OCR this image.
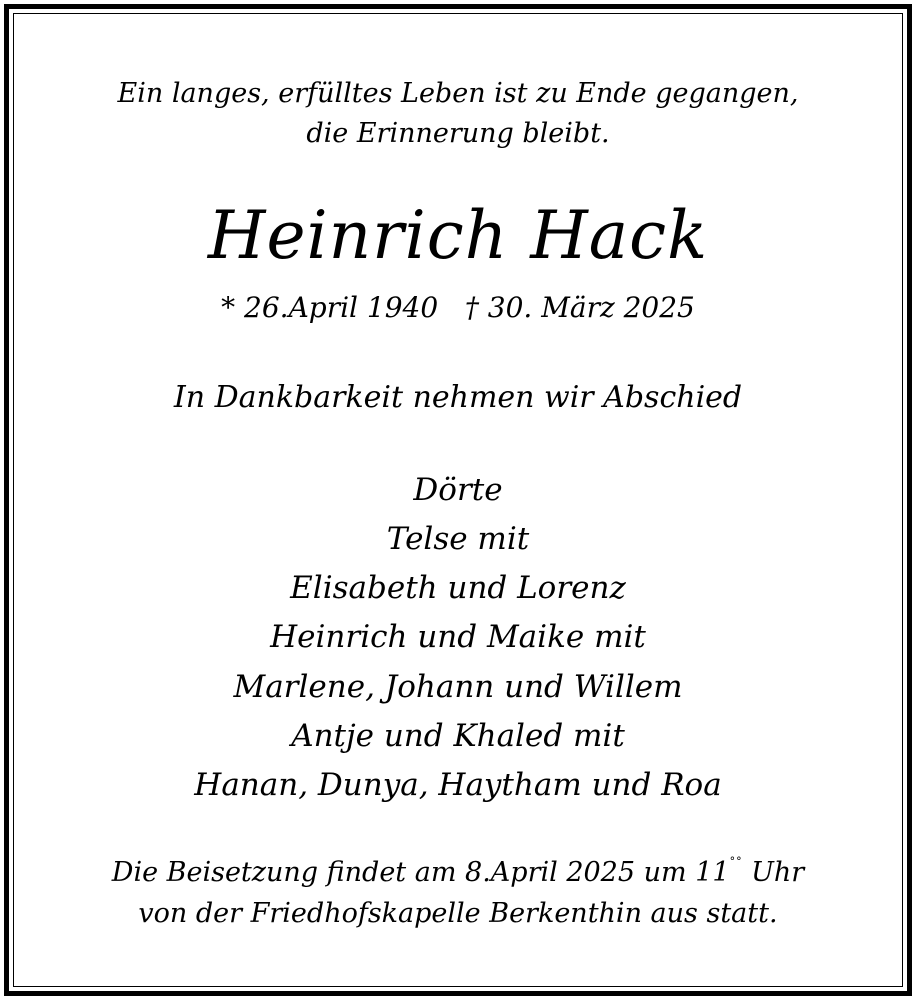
Ein langes, erfülltes Leben ist zu Ende gegangen,
die Erinnerung bleibt.
Heinrich Hack
* 26.April 1940   † 30. März 2025
In Dankbarkeit nehmen wir Abschied
Dörte
Telse mit
Elisabeth und Lorenz
Heinrich und Maike mit
Marlene, Johann und Willem
Antje und Khaled mit
Hanan, Dunya, Haytham und Roa
Die Beisetzung findet am 8.April 2025 um 11°° Uhr
von der Friedhofskapelle Berkenthin aus statt.
